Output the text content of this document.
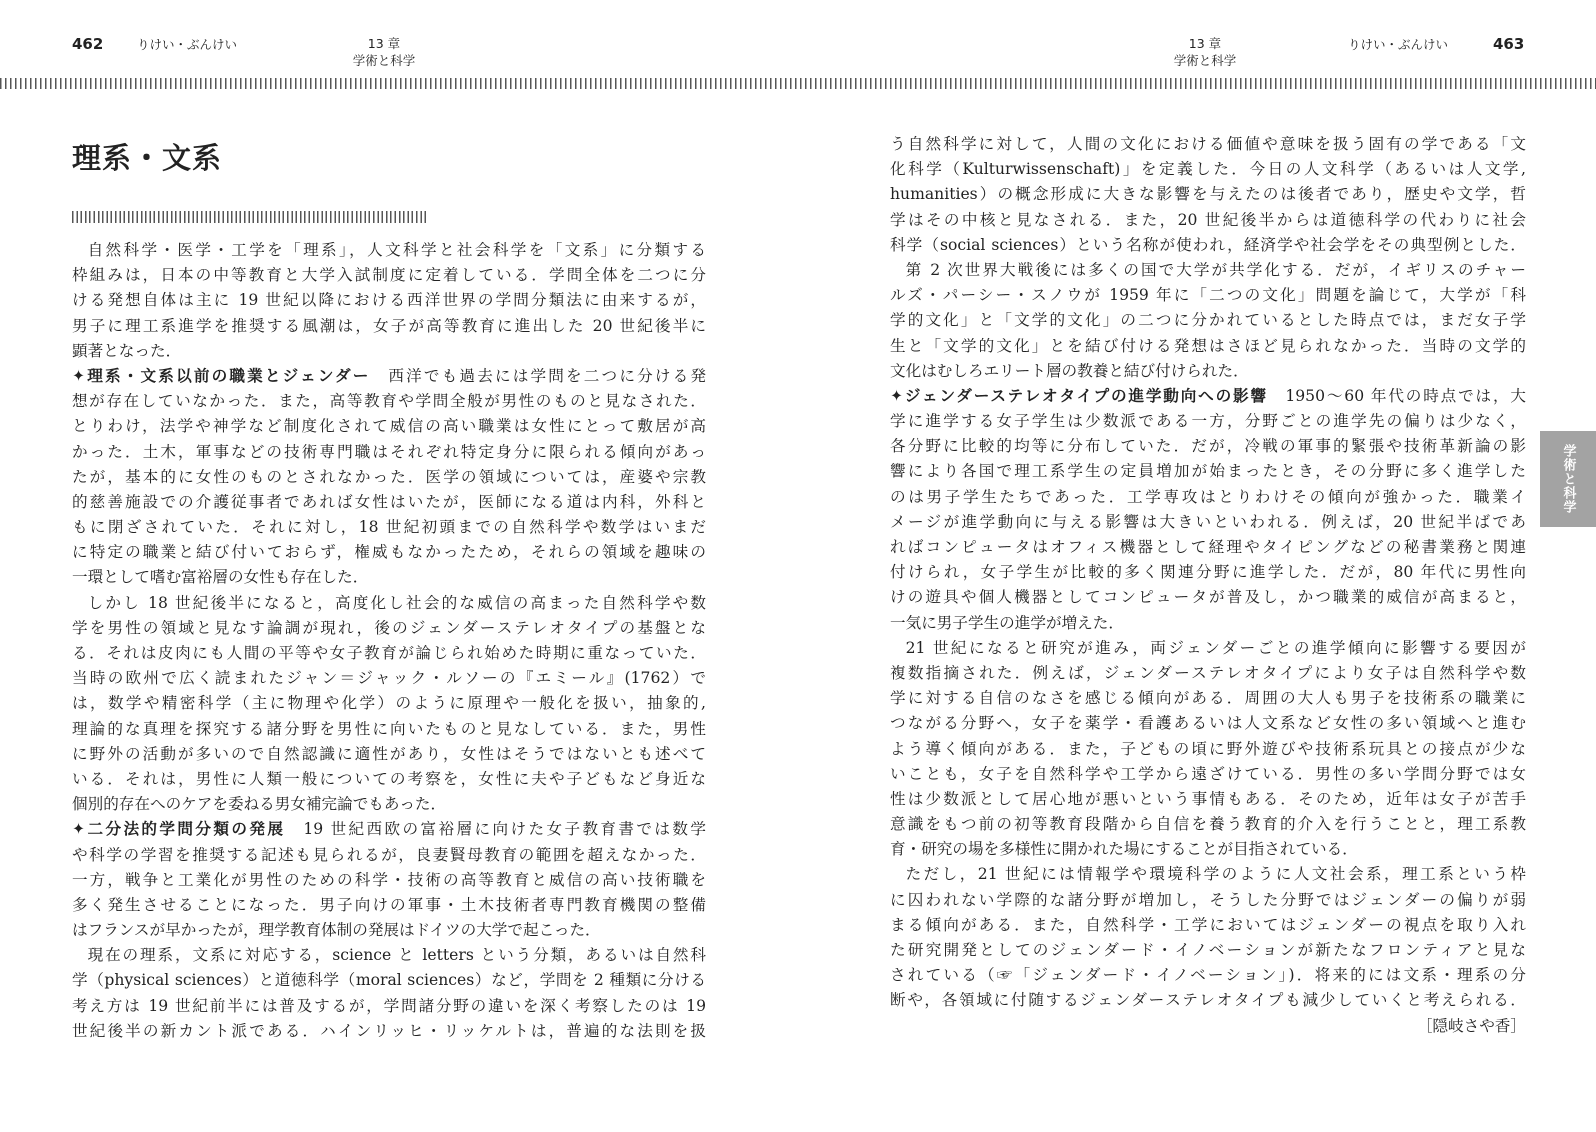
462	りけい・ぶんけい	13 章
学術と科学
13 章
学術と科学
りけい・ぶんけい	463
理系・文系
自然科学・医学・工学を「理系」，人文科学と社会科学を「文系」に分類する
枠組みは，日本の中等教育と大学入試制度に定着している．学問全体を二つに分
ける発想自体は主に 19 世紀以降における西洋世界の学問分類法に由来するが，
男子に理工系進学を推奨する風潮は，女子が高等教育に進出した 20 世紀後半に
顕著となった．
✦理系・文系以前の職業とジェンダー　 西洋でも過去には学問を二つに分ける発
想が存在していなかった．また，高等教育や学問全般が男性のものと見なされた．
とりわけ，法学や神学など制度化されて威信の高い職業は女性にとって敷居が高
かった．土木，軍事などの技術専門職はそれぞれ特定身分に限られる傾向があっ
たが，基本的に女性のものとされなかった．医学の領域については，産婆や宗教
的慈善施設での介護従事者であれば女性はいたが，医師になる道は内科，外科と
もに閉ざされていた．それに対し，18 世紀初頭までの自然科学や数学はいまだ
に特定の職業と結び付いておらず，権威もなかったため，それらの領域を趣味の
一環として嗜む富裕層の女性も存在した．
しかし 18 世紀後半になると，高度化し社会的な威信の高まった自然科学や数
学を男性の領域と見なす論調が現れ，後のジェンダーステレオタイプの基盤とな
る．それは皮肉にも人間の平等や女子教育が論じられ始めた時期に重なっていた．
当時の欧州で広く読まれたジャン＝ジャック・ルソーの『エミール』(1762）で
は，数学や精密科学（主に物理や化学）のように原理や一般化を扱い，抽象的,
理論的な真理を探究する諸分野を男性に向いたものと見なしている．また，男性
に野外の活動が多いので自然認識に適性があり，女性はそうではないとも述べて
いる．それは，男性に人類一般についての考察を，女性に夫や子どもなど身近な
個別的存在へのケアを委ねる男女補完論でもあった．
✦二分法的学問分類の発展　 19 世紀西欧の富裕層に向けた女子教育書では数学
や科学の学習を推奨する記述も見られるが，良妻賢母教育の範囲を超えなかった．
一方，戦争と工業化が男性のための科学・技術の高等教育と威信の高い技術職を
多く発生させることになった．男子向けの軍事・土木技術者専門教育機関の整備
はフランスが早かったが，理学教育体制の発展はドイツの大学で起こった．
現在の理系，文系に対応する，science と letters という分類，あるいは自然科
学（physical sciences）と道徳科学（moral sciences）など，学問を 2 種類に分ける
考え方は 19 世紀前半には普及するが，学問諸分野の違いを深く考察したのは 19
世紀後半の新カント派である．ハインリッヒ・リッケルトは，普遍的な法則を扱
う自然科学に対して，人間の文化における価値や意味を扱う固有の学である「文
化科学（Kulturwissenschaft)」を定義した．今日の人文科学（あるいは人文学,
humanities）の概念形成に大きな影響を与えたのは後者であり，歴史や文学，哲
学はその中核と見なされる．また，20 世紀後半からは道徳科学の代わりに社会
科学（social sciences）という名称が使われ，経済学や社会学をその典型例とした．
第 2 次世界大戦後には多くの国で大学が共学化する．だが，イギリスのチャー
ルズ・パーシー・スノウが 1959 年に「二つの文化」問題を論じて，大学が「科
学的文化」と「文学的文化」の二つに分かれているとした時点では，まだ女子学
生と「文学的文化」とを結び付ける発想はさほど見られなかった．当時の文学的
文化はむしろエリート層の教養と結び付けられた．
✦ジェンダーステレオタイプの進学動向への影響　 1950〜60 年代の時点では，大
学に進学する女子学生は少数派である一方，分野ごとの進学先の偏りは少なく，
各分野に比較的均等に分布していた．だが，冷戦の軍事的緊張や技術革新論の影
響により各国で理工系学生の定員増加が始まったとき，その分野に多く進学した
のは男子学生たちであった．工学専攻はとりわけその傾向が強かった．職業イ
メージが進学動向に与える影響は大きいといわれる．例えば，20 世紀半ばであ
ればコンピュータはオフィス機器として経理やタイピングなどの秘書業務と関連
付けられ，女子学生が比較的多く関連分野に進学した．だが，80 年代に男性向
けの遊具や個人機器としてコンピュータが普及し，かつ職業的威信が高まると，
一気に男子学生の進学が増えた．
21 世紀になると研究が進み，両ジェンダーごとの進学傾向に影響する要因が
複数指摘された．例えば，ジェンダーステレオタイプにより女子は自然科学や数
学に対する自信のなさを感じる傾向がある．周囲の大人も男子を技術系の職業に
つながる分野へ，女子を薬学・看護あるいは人文系など女性の多い領域へと進む
よう導く傾向がある．また，子どもの頃に野外遊びや技術系玩具との接点が少な
いことも，女子を自然科学や工学から遠ざけている．男性の多い学問分野では女
性は少数派として居心地が悪いという事情もある．そのため，近年は女子が苦手
意識をもつ前の初等教育段階から自信を養う教育的介入を行うことと，理工系教
育・研究の場を多様性に開かれた場にすることが目指されている．
ただし，21 世紀には情報学や環境科学のように人文社会系，理工系という枠
に囚われない学際的な諸分野が増加し，そうした分野ではジェンダーの偏りが弱
まる傾向がある．また，自然科学・工学においてはジェンダーの視点を取り入れ
た研究開発としてのジェンダード・イノベーションが新たなフロンティアと見な
されている（☞「ジェンダード・イノベーション」)．将来的には文系・理系の分
断や，各領域に付随するジェンダーステレオタイプも減少していくと考えられる．
［隠岐さや香］
学術と科学
